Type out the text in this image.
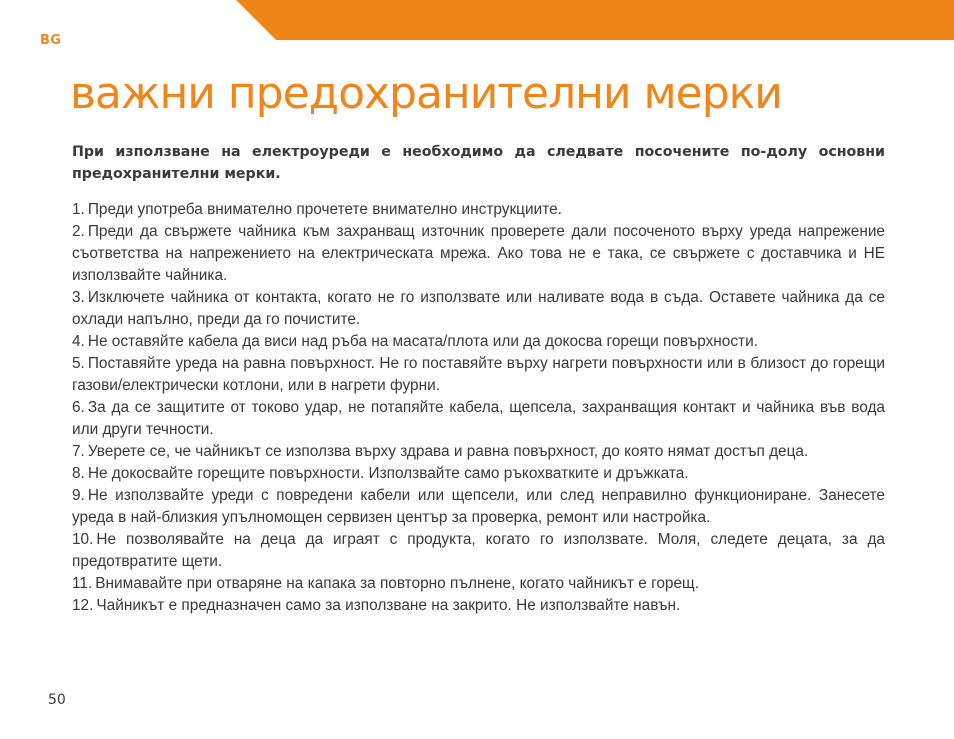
BG
важни предохранителни мерки

При използване на електроуреди е необходимо да следвате посочените по-долу основни предохранителни мерки.

1. Преди употреба внимателно прочетете внимателно инструкциите.
2. Преди да свържете чайника към захранващ източник проверете дали посоченото върху уреда напрежение съответства на напрежението на електрическата мрежа. Ако това не е така, се свържете с доставчика и НЕ използвайте чайника.
3. Изключете чайника от контакта, когато не го използвате или наливате вода в съда. Оставете чайника да се охлади напълно, преди да го почистите.
4. Не оставяйте кабела да виси над ръба на масата/плота или да докосва горещи повърхности.
5. Поставяйте уреда на равна повърхност. Не го поставяйте върху нагрети повърхности или в близост до горещи газови/електрически котлони, или в нагрети фурни.
6. За да се защитите от токово удар, не потапяйте кабела, щепсела, захранващия контакт и чайника във вода или други течности.
7. Уверете се, че чайникът се използва върху здрава и равна повърхност, до която нямат достъп деца.
8. Не докосвайте горещите повърхности. Използвайте само ръкохватките и дръжката.
9. Не използвайте уреди с повредени кабели или щепсели, или след неправилно функциониране. Занесете уреда в най-близкия упълномощен сервизен център за проверка, ремонт или настройка.
10. Не позволявайте на деца да играят с продукта, когато го използвате. Моля, следете децата, за да предотвратите щети.
11. Внимавайте при отваряне на капака за повторно пълнене, когато чайникът е горещ.
12. Чайникът е предназначен само за използване на закрито. Не използвайте навън.
50
